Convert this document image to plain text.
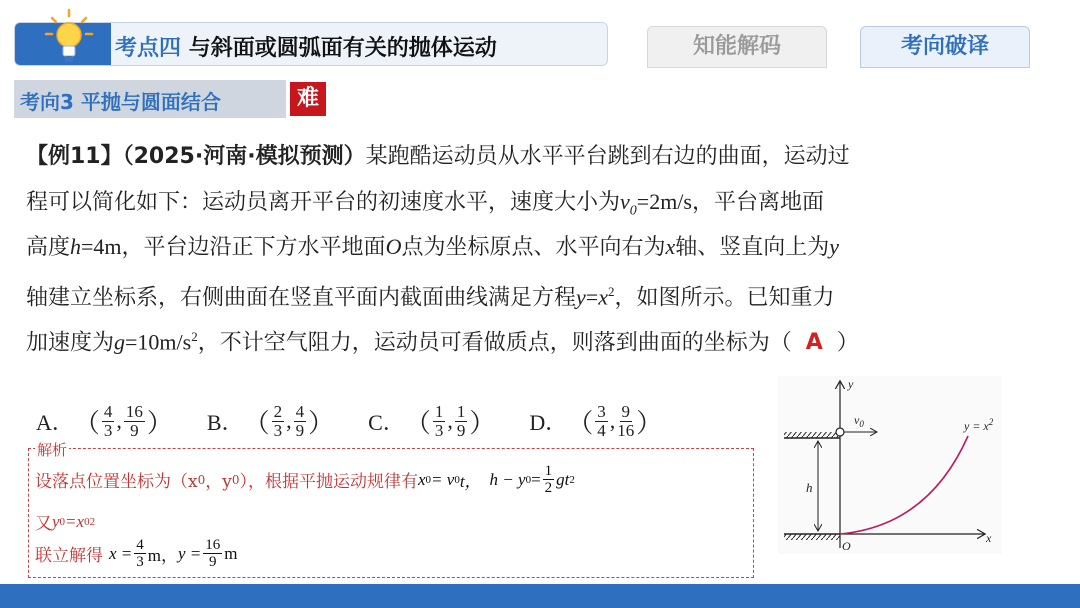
考点四 与斜面或圆弧面有关的抛体运动	知能解码	考向破译
考向3 平抛与圆面结合	难
【例11】（2025·河南·模拟预测）某跑酷运动员从水平平台跳到右边的曲面，运动过
程可以简化如下：运动员离开平台的初速度水平，速度大小为$v_0=2m/s$，平台离地面
高度h=4m，平台边沿正下方水平地面O点为坐标原点、水平向右为x轴、竖直向上为y
轴建立坐标系，右侧曲面在竖直平面内截面曲线满足方程$y=x^2$，如图所示。已知重力
加速度为$g=10m/s^2$，不计空气阻力，运动员可看做质点，则落到曲面的坐标为（ A ）
A． （ $\frac{4}{3}$ , $\frac{16}{9}$ ） B． （ $\frac{2}{3}$ , $\frac{4}{9}$ ） C． （ $\frac{1}{3}$ , $\frac{1}{9}$ ） D． （ $\frac{3}{4}$ , $\frac{9}{16}$ ）
解析
设落点位置坐标为（x 0 ，y 0 ），根据平抛运动规律有 x 0 = v 0 t， h − y $0 = \frac{1}{2}$ gt 2
又 y 0 =x 0 2
联立解得 $x = \frac{4}{3}$ m， $y = \frac{16}{9}$ m
h
$v_0$	$y = x^2$
y
x
O
